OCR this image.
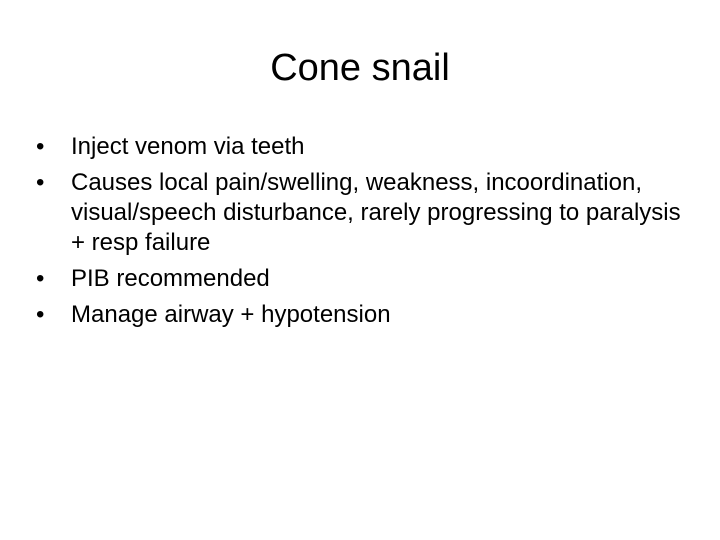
Cone snail
•	Inject venom via teeth
•	Causes local pain/swelling, weakness, incoordination, visual/speech disturbance, rarely progressing to paralysis + resp failure
•	PIB recommended
•	Manage airway + hypotension
